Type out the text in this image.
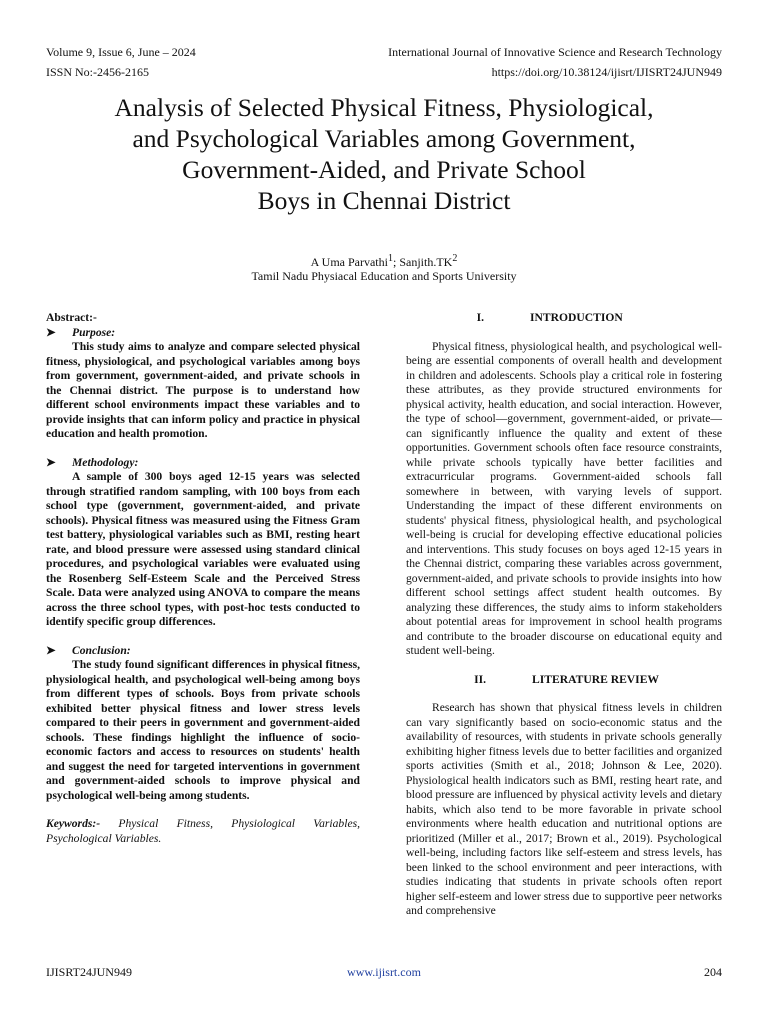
Volume 9, Issue 6, June – 2024	International Journal of Innovative Science and Research Technology
ISSN No:-2456-2165	https://doi.org/10.38124/ijisrt/IJISRT24JUN949
Analysis of Selected Physical Fitness, Physiological,
and Psychological Variables among Government,
Government-Aided, and Private School
Boys in Chennai District
A Uma Parvathi$^1$; $Sanjith.TK^2$
Tamil Nadu Physiacal Education and Sports University

Abstract:-

➤	Purpose:

This study aims to analyze and compare selected physical fitness, physiological, and psychological variables among boys from government, government-aided, and private schools in the Chennai district. The purpose is to understand how different school environments impact these variables and to provide insights that can inform policy and practice in physical education and health promotion.

➤	Methodology:

A sample of 300 boys aged 12-15 years was selected through stratified random sampling, with 100 boys from each school type (government, government-aided, and private schools). Physical fitness was measured using the Fitness Gram test battery, physiological variables such as BMI, resting heart rate, and blood pressure were assessed using standard clinical procedures, and psychological variables were evaluated using the Rosenberg Self-Esteem Scale and the Perceived Stress Scale. Data were analyzed using ANOVA to compare the means across the three school types, with post-hoc tests conducted to identify specific group differences.

➤	Conclusion:

The study found significant differences in physical fitness, physiological health, and psychological well-being among boys from different types of schools. Boys from private schools exhibited better physical fitness and lower stress levels compared to their peers in government and government-aided schools. These findings highlight the influence of socio-economic factors and access to resources on students' health and suggest the need for targeted interventions in government and government-aided schools to improve physical and psychological well-being among students.

Keywords:- Physical Fitness, Physiological Variables, Psychological Variables.

I.	INTRODUCTION

Physical fitness, physiological health, and psychological well-being are essential components of overall health and development in children and adolescents. Schools play a critical role in fostering these attributes, as they provide structured environments for physical activity, health education, and social interaction. However, the type of school—government, government-aided, or private—can significantly influence the quality and extent of these opportunities. Government schools often face resource constraints, while private schools typically have better facilities and extracurricular programs. Government-aided schools fall somewhere in between, with varying levels of support. Understanding the impact of these different environments on students' physical fitness, physiological health, and psychological well-being is crucial for developing effective educational policies and interventions. This study focuses on boys aged 12-15 years in the Chennai district, comparing these variables across government, government-aided, and private schools to provide insights into how different school settings affect student health outcomes. By analyzing these differences, the study aims to inform stakeholders about potential areas for improvement in school health programs and contribute to the broader discourse on educational equity and student well-being.

II.	LITERATURE REVIEW

Research has shown that physical fitness levels in children can vary significantly based on socio-economic status and the availability of resources, with students in private schools generally exhibiting higher fitness levels due to better facilities and organized sports activities (Smith et al., 2018; Johnson & Lee, 2020). Physiological health indicators such as BMI, resting heart rate, and blood pressure are influenced by physical activity levels and dietary habits, which also tend to be more favorable in private school environments where health education and nutritional options are prioritized (Miller et al., 2017; Brown et al., 2019). Psychological well-being, including factors like self-esteem and stress levels, has been linked to the school environment and peer interactions, with studies indicating that students in private schools often report higher self-esteem and lower stress due to supportive peer networks and comprehensive

IJISRT24JUN949	www.ijisrt.com	204
